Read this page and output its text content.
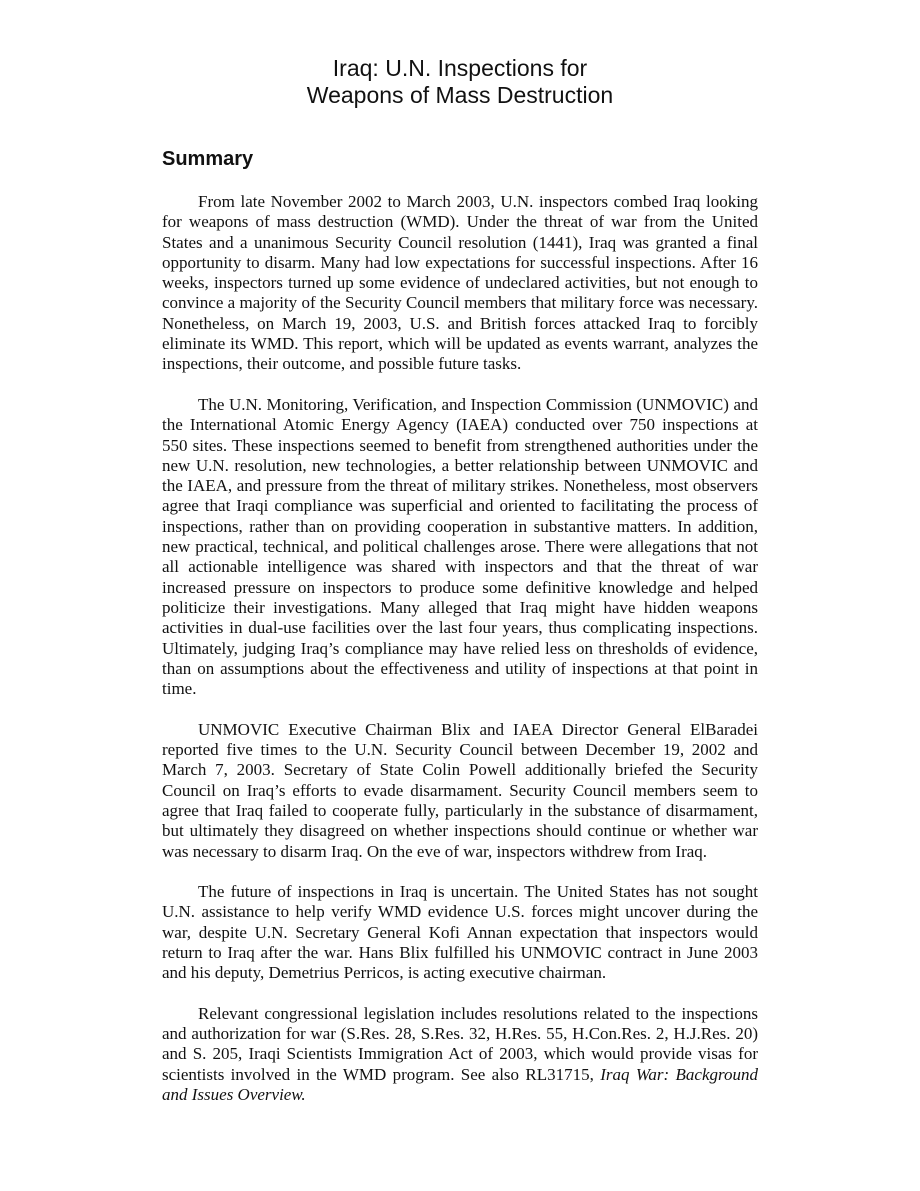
Iraq: U.N. Inspections for
Weapons of Mass Destruction
Summary

From late November 2002 to March 2003, U.N. inspectors combed Iraq looking for weapons of mass destruction (WMD). Under the threat of war from the United States and a unanimous Security Council resolution (1441), Iraq was granted a final opportunity to disarm. Many had low expectations for successful inspections. After 16 weeks, inspectors turned up some evidence of undeclared activities, but not enough to convince a majority of the Security Council members that military force was necessary. Nonetheless, on March 19, 2003, U.S. and British forces attacked Iraq to forcibly eliminate its WMD. This report, which will be updated as events warrant, analyzes the inspections, their outcome, and possible future tasks.

The U.N. Monitoring, Verification, and Inspection Commission (UNMOVIC) and the International Atomic Energy Agency (IAEA) conducted over 750 inspections at 550 sites. These inspections seemed to benefit from strengthened authorities under the new U.N. resolution, new technologies, a better relationship between UNMOVIC and the IAEA, and pressure from the threat of military strikes. Nonetheless, most observers agree that Iraqi compliance was superficial and oriented to facilitating the process of inspections, rather than on providing cooperation in substantive matters. In addition, new practical, technical, and political challenges arose. There were allegations that not all actionable intelligence was shared with inspectors and that the threat of war increased pressure on inspectors to produce some definitive knowledge and helped politicize their investigations. Many alleged that Iraq might have hidden weapons activities in dual-use facilities over the last four years, thus complicating inspections. Ultimately, judging Iraq’s compliance may have relied less on thresholds of evidence, than on assumptions about the effectiveness and utility of inspections at that point in time.

UNMOVIC Executive Chairman Blix and IAEA Director General ElBaradei reported five times to the U.N. Security Council between December 19, 2002 and March 7, 2003. Secretary of State Colin Powell additionally briefed the Security Council on Iraq’s efforts to evade disarmament. Security Council members seem to agree that Iraq failed to cooperate fully, particularly in the substance of disarmament, but ultimately they disagreed on whether inspections should continue or whether war was necessary to disarm Iraq. On the eve of war, inspectors withdrew from Iraq.

The future of inspections in Iraq is uncertain. The United States has not sought U.N. assistance to help verify WMD evidence U.S. forces might uncover during the war, despite U.N. Secretary General Kofi Annan expectation that inspectors would return to Iraq after the war. Hans Blix fulfilled his UNMOVIC contract in June 2003 and his deputy, Demetrius Perricos, is acting executive chairman.

Relevant congressional legislation includes resolutions related to the inspections and authorization for war (S.Res. 28, S.Res. 32, H.Res. 55, H.Con.Res. 2, H.J.Res. 20) and S. 205, Iraqi Scientists Immigration Act of 2003, which would provide visas for scientists involved in the WMD program. See also RL31715, Iraq War: Background and Issues Overview.
